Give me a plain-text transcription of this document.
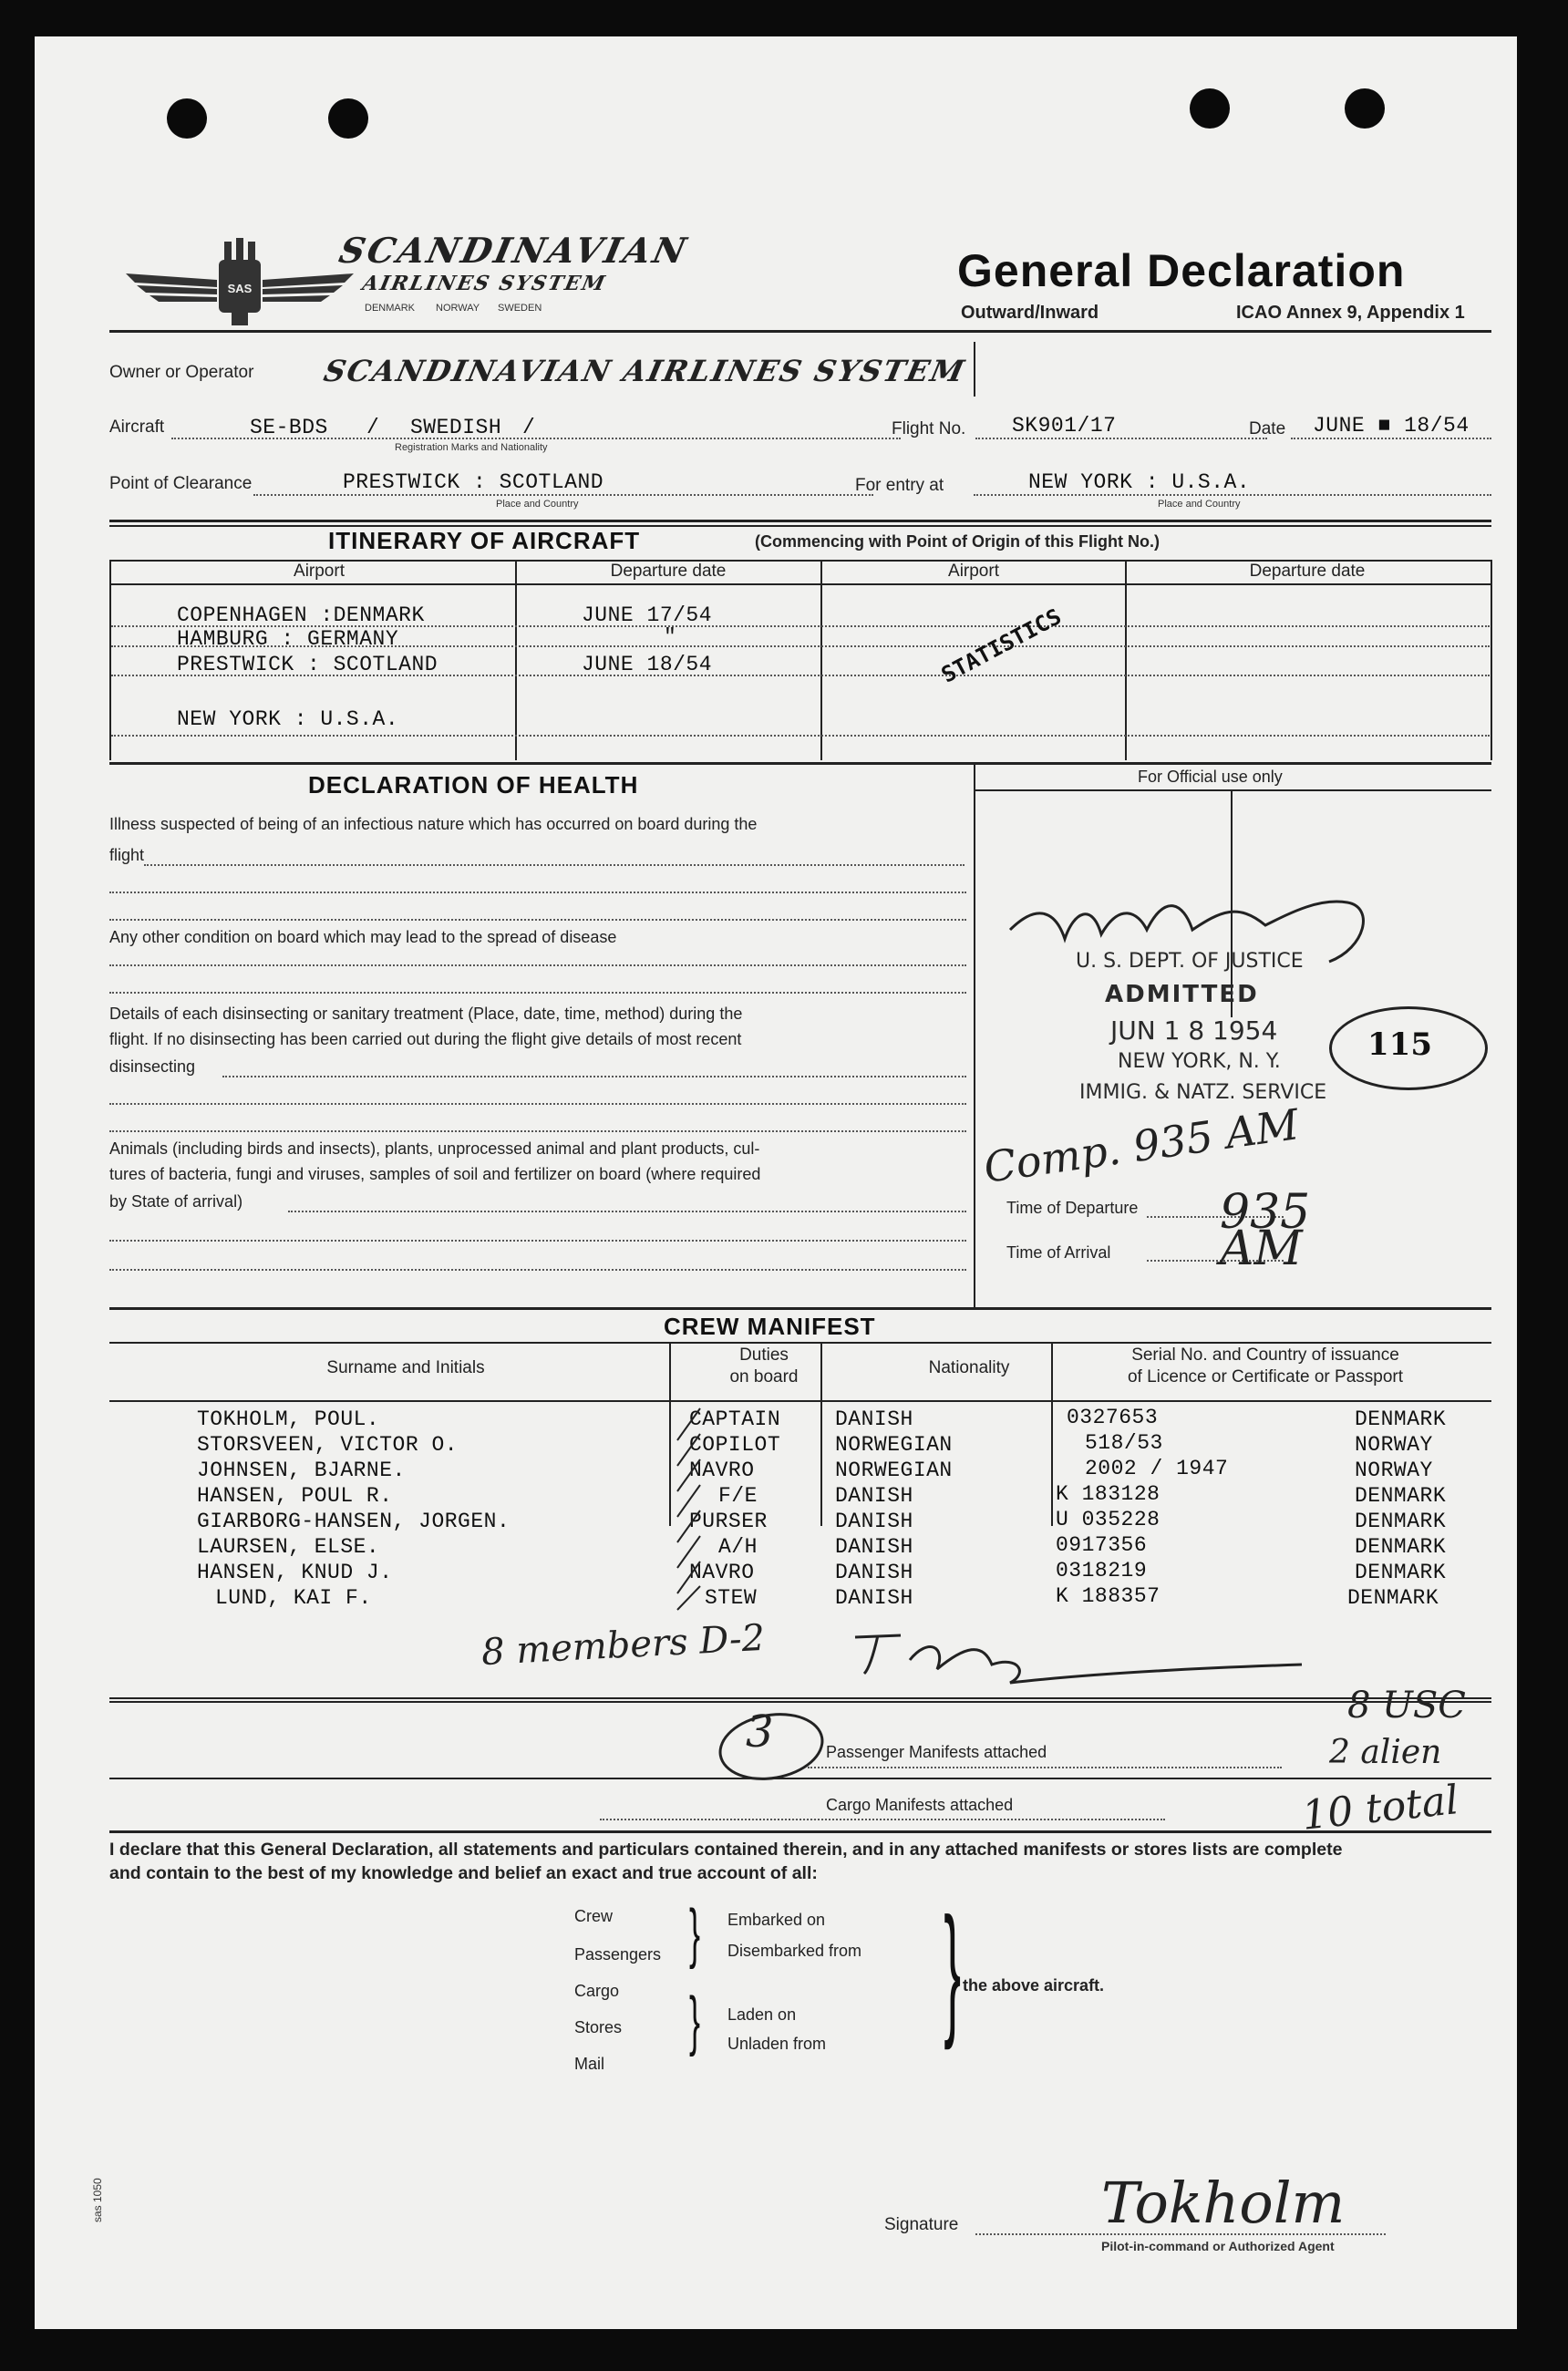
SAS
SCANDINAVIAN
AIRLINES SYSTEM
DENMARK NORWAY SWEDEN
General Declaration
Outward/Inward	ICAO Annex 9, Appendix 1
Owner or Operator SCANDINAVIAN AIRLINES SYSTEM
Aircraft	SE-BDS / SWEDISH /
Registration Marks and Nationality
Flight No. SK901/17	Date JUNE ■ 18/54
Point of Clearance	PRESTWICK : SCOTLAND
Place and Country
For entry at	NEW YORK : U.S.A.
Place and Country
ITINERARY OF AIRCRAFT	(Commencing with Point of Origin of this Flight No.)
Airport	Departure date	Airport	Departure date
COPENHAGEN :DENMARK	JUNE 17/54
HAMBURG : GERMANY	"
PRESTWICK : SCOTLAND	JUNE 18/54
NEW YORK : U.S.A.
STATISTICS
DECLARATION OF HEALTH
Illness suspected of being of an infectious nature which has occurred on board during the
flight
Any other condition on board which may lead to the spread of disease
Details of each disinsecting or sanitary treatment (Place, date, time, method) during the
flight. If no disinsecting has been carried out during the flight give details of most recent
disinsecting
Animals (including birds and insects), plants, unprocessed animal and plant products, cul-
tures of bacteria, fungi and viruses, samples of soil and fertilizer on board (where required
by State of arrival)
For Official use only
U. S. DEPT. OF JUSTICE
ADMITTED
JUN 1 8 1954
NEW YORK, N. Y.
IMMIG. & NATZ. SERVICE
115
Comp. 935 AM
Time of Departure
Time of Arrival
935 AM
CREW MANIFEST
Surname and Initials
Duties
on board	Nationality
Serial No. and Country of issuance
of Licence or Certificate or Passport
TOKHOLM, POUL.	CAPTAIN	DANISH	0327653	DENMARK
STORSVEEN, VICTOR O.	COPILOT	NORWEGIAN	518/53	NORWAY
JOHNSEN, BJARNE.	NAVRO	NORWEGIAN	2002 / 1947	NORWAY
HANSEN, POUL R.	F/E	DANISH	K 183128	DENMARK
GIARBORG-HANSEN, JORGEN.	PURSER	DANISH	U 035228	DENMARK
LAURSEN, ELSE.	A/H	DANISH	0917356	DENMARK
HANSEN, KNUD J.	NAVRO	DANISH	0318219	DENMARK
LUND, KAI F.	STEW	DANISH	K 188357	DENMARK
8 members D-2
3	Passenger Manifests attached
Cargo Manifests attached
8 USC
2 alien
10 total
I declare that this General Declaration, all statements and particulars contained therein, and in any attached manifests or stores lists are complete
and contain to the best of my knowledge and belief an exact and true account of all:
Crew
Passengers
Cargo
Stores
Mail
}
}
Embarked on
Disembarked from
Laden on
Unladen from } the above aircraft.
Signature	Tokholm
Pilot-in-command or Authorized Agent
sas 1050
